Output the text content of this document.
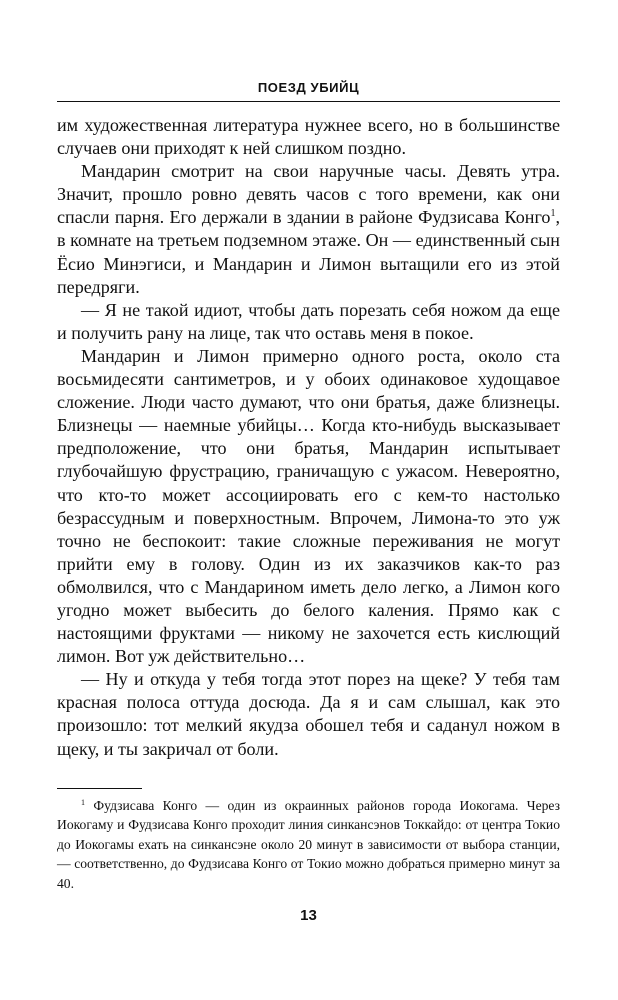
ПОЕЗД УБИЙЦ

им художественная литература нужнее всего, но в большинстве случаев они приходят к ней слишком поздно.

Мандарин смотрит на свои наручные часы. Девять утра. Значит, прошло ровно девять часов с того времени, как они спасли парня. Его держали в здании в районе Фудзисава Конго$^1$, в комнате на третьем подземном этаже. Он — единственный сын Ёсио Минэгиси, и Мандарин и Лимон вытащили его из этой передряги.

— Я не такой идиот, чтобы дать порезать себя ножом да еще и получить рану на лице, так что оставь меня в покое.

Мандарин и Лимон примерно одного роста, около ста восьмидесяти сантиметров, и у обоих одинаковое худощавое сложение. Люди часто думают, что они братья, даже близнецы. Близнецы — наемные убийцы… Когда кто-нибудь высказывает предположение, что они братья, Мандарин испытывает глубочайшую фрустрацию, граничащую с ужасом. Невероятно, что кто-то может ассоциировать его с кем-то настолько безрассудным и поверхностным. Впрочем, Лимона-то это уж точно не беспокоит: такие сложные переживания не могут прийти ему в голову. Один из их заказчиков как-то раз обмолвился, что с Мандарином иметь дело легко, а Лимон кого угодно может выбесить до белого каления. Прямо как с настоящими фруктами — никому не захочется есть кислющий лимон. Вот уж действительно…

— Ну и откуда у тебя тогда этот порез на щеке? У тебя там красная полоса оттуда досюда. Да я и сам слышал, как это произошло: тот мелкий якудза обошел тебя и саданул ножом в щеку, и ты закричал от боли.

$^1$ Фудзисава Конго — один из окраинных районов города Иокогама. Через Иокогаму и Фудзисава Конго проходит линия синкансэнов Токкайдо: от центра Токио до Иокогамы ехать на синкансэне около 20 минут в зависимости от выбора станции, — соответственно, до Фудзисава Конго от Токио можно добраться примерно минут за 40.

13
